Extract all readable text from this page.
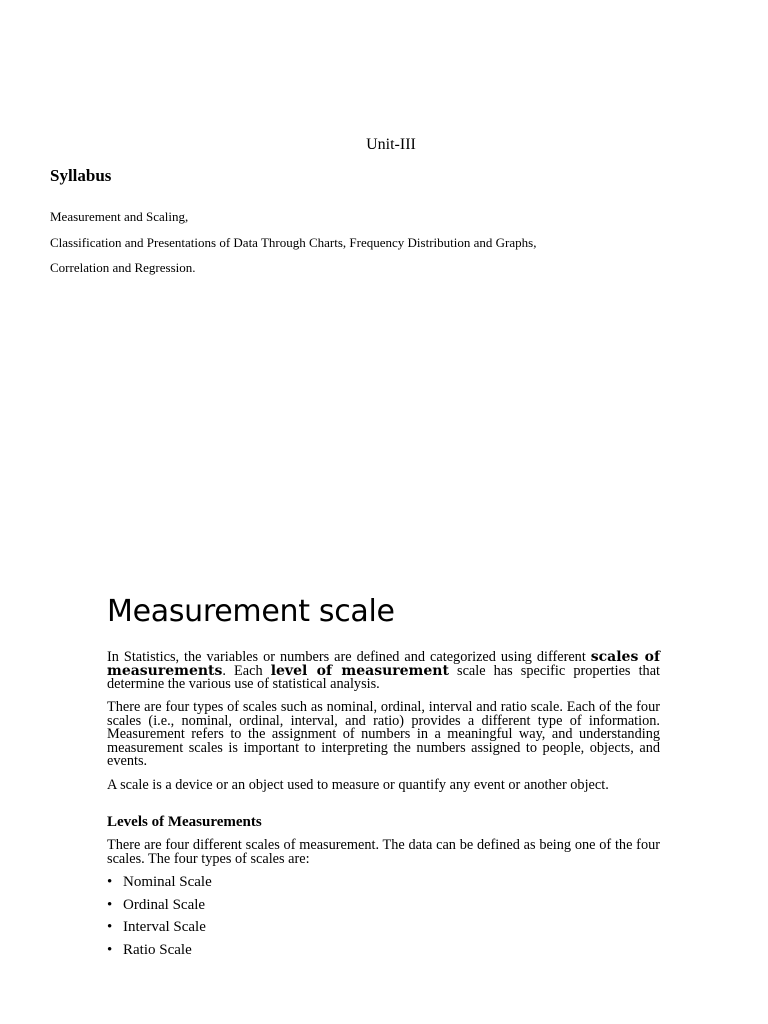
Unit-III
Syllabus
Measurement and Scaling,
Classification and Presentations of Data Through Charts, Frequency Distribution and Graphs,
Correlation and Regression.
Measurement scale

In Statistics, the variables or numbers are defined and categorized using different scales of measurements. Each level of measurement scale has specific properties that determine the various use of statistical analysis.

There are four types of scales such as nominal, ordinal, interval and ratio scale. Each of the four scales (i.e., nominal, ordinal, interval, and ratio) provides a different type of information. Measurement refers to the assignment of numbers in a meaningful way, and understanding measurement scales is important to interpreting the numbers assigned to people, objects, and events.

A scale is a device or an object used to measure or quantify any event or another object.

Levels of Measurements

There are four different scales of measurement. The data can be defined as being one of the four scales. The four types of scales are:

• Nominal Scale
• Ordinal Scale
• Interval Scale
• Ratio Scale
